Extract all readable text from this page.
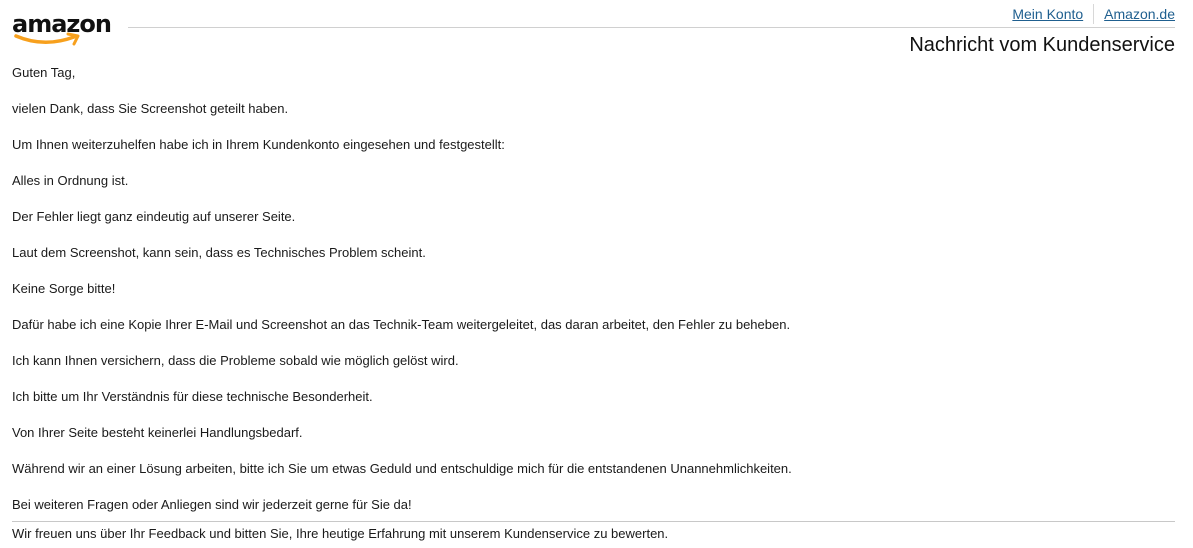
amazon	Mein Konto Amazon.de
Nachricht vom Kundenservice

Guten Tag,

vielen Dank, dass Sie Screenshot geteilt haben.

Um Ihnen weiterzuhelfen habe ich in Ihrem Kundenkonto eingesehen und festgestellt:

Alles in Ordnung ist.

Der Fehler liegt ganz eindeutig auf unserer Seite.

Laut dem Screenshot, kann sein, dass es Technisches Problem scheint.

Keine Sorge bitte!

Dafür habe ich eine Kopie Ihrer E-Mail und Screenshot an das Technik-Team weitergeleitet, das daran arbeitet, den Fehler zu beheben.

Ich kann Ihnen versichern, dass die Probleme sobald wie möglich gelöst wird.

Ich bitte um Ihr Verständnis für diese technische Besonderheit.

Von Ihrer Seite besteht keinerlei Handlungsbedarf.

Während wir an einer Lösung arbeiten, bitte ich Sie um etwas Geduld und entschuldige mich für die entstandenen Unannehmlichkeiten.

Bei weiteren Fragen oder Anliegen sind wir jederzeit gerne für Sie da!

Wir freuen uns über Ihr Feedback und bitten Sie, Ihre heutige Erfahrung mit unserem Kundenservice zu bewerten.
